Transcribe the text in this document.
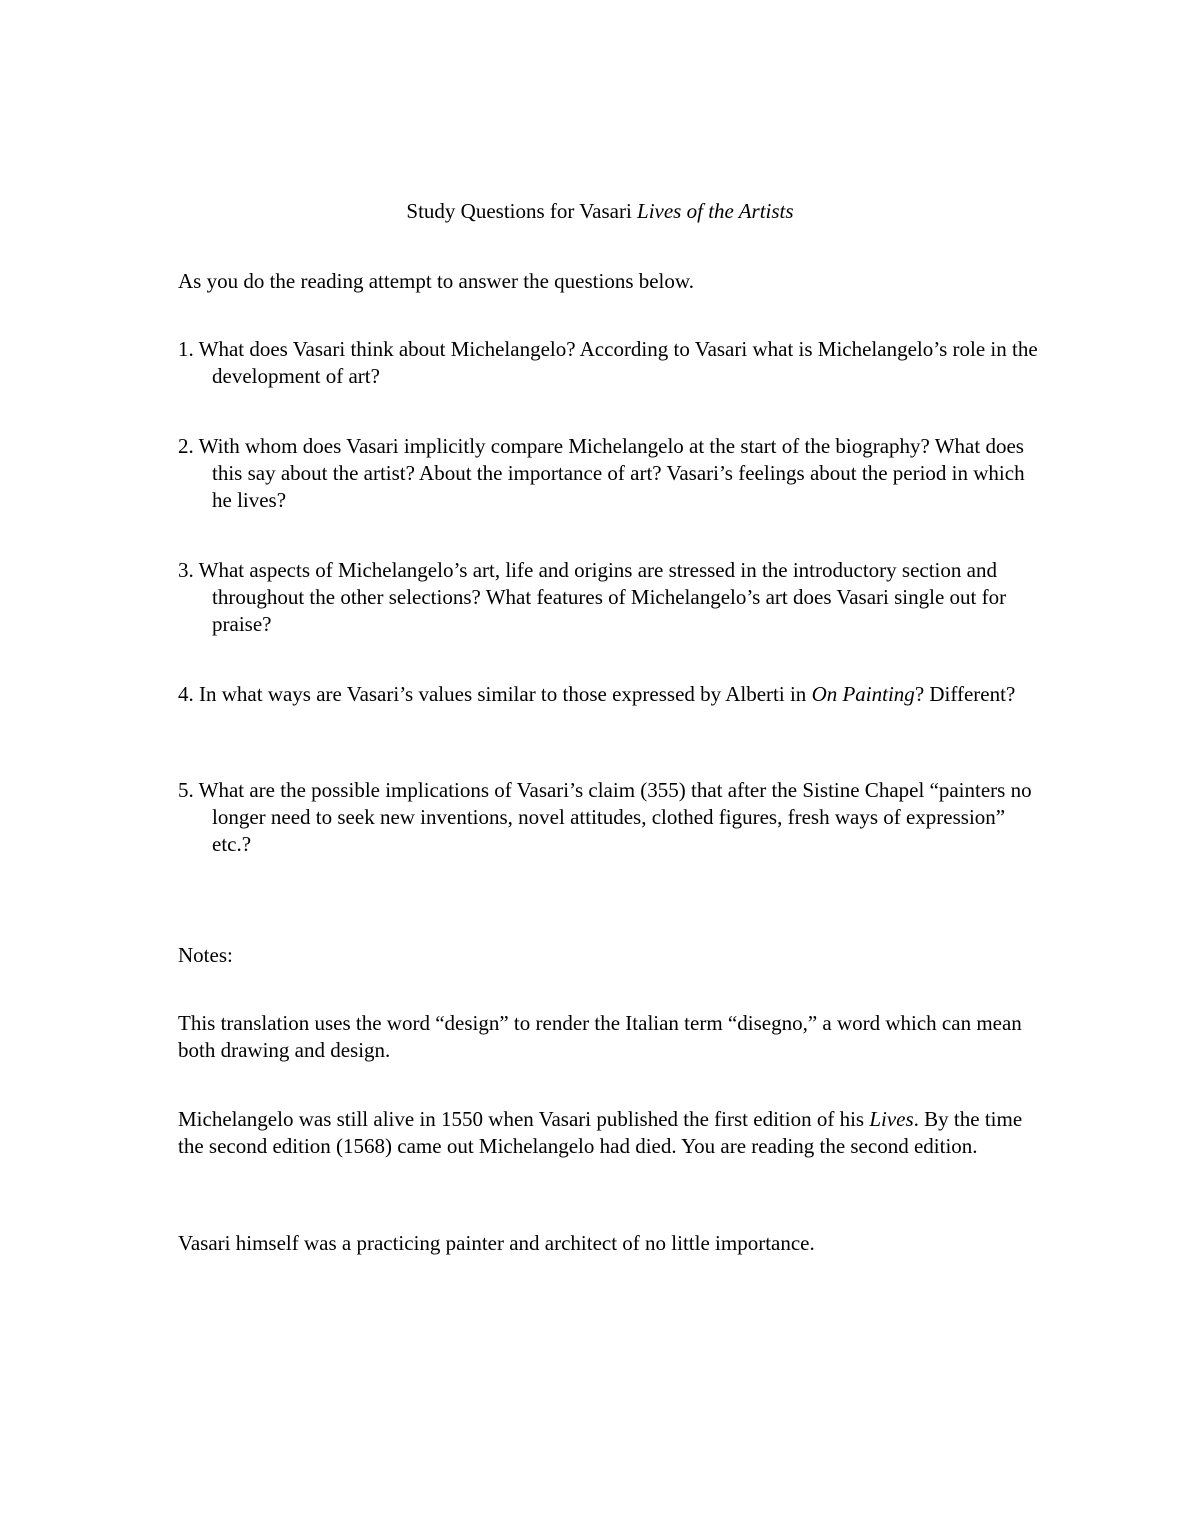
Study Questions for Vasari Lives of the Artists

As you do the reading attempt to answer the questions below.

1. What does Vasari think about Michelangelo? According to Vasari what is Michelangelo’s role in the development of art?

2. With whom does Vasari implicitly compare Michelangelo at the start of the biography? What does this say about the artist? About the importance of art? Vasari’s feelings about the period in which he lives?

3. What aspects of Michelangelo’s art, life and origins are stressed in the introductory section and throughout the other selections? What features of Michelangelo’s art does Vasari single out for praise?

4. In what ways are Vasari’s values similar to those expressed by Alberti in On Painting? Different?

5. What are the possible implications of Vasari’s claim (355) that after the Sistine Chapel “painters no longer need to seek new inventions, novel attitudes, clothed figures, fresh ways of expression” etc.?

Notes:

This translation uses the word “design” to render the Italian term “disegno,” a word which can mean both drawing and design.

Michelangelo was still alive in 1550 when Vasari published the first edition of his Lives. By the time the second edition (1568) came out Michelangelo had died. You are reading the second edition.

Vasari himself was a practicing painter and architect of no little importance.
